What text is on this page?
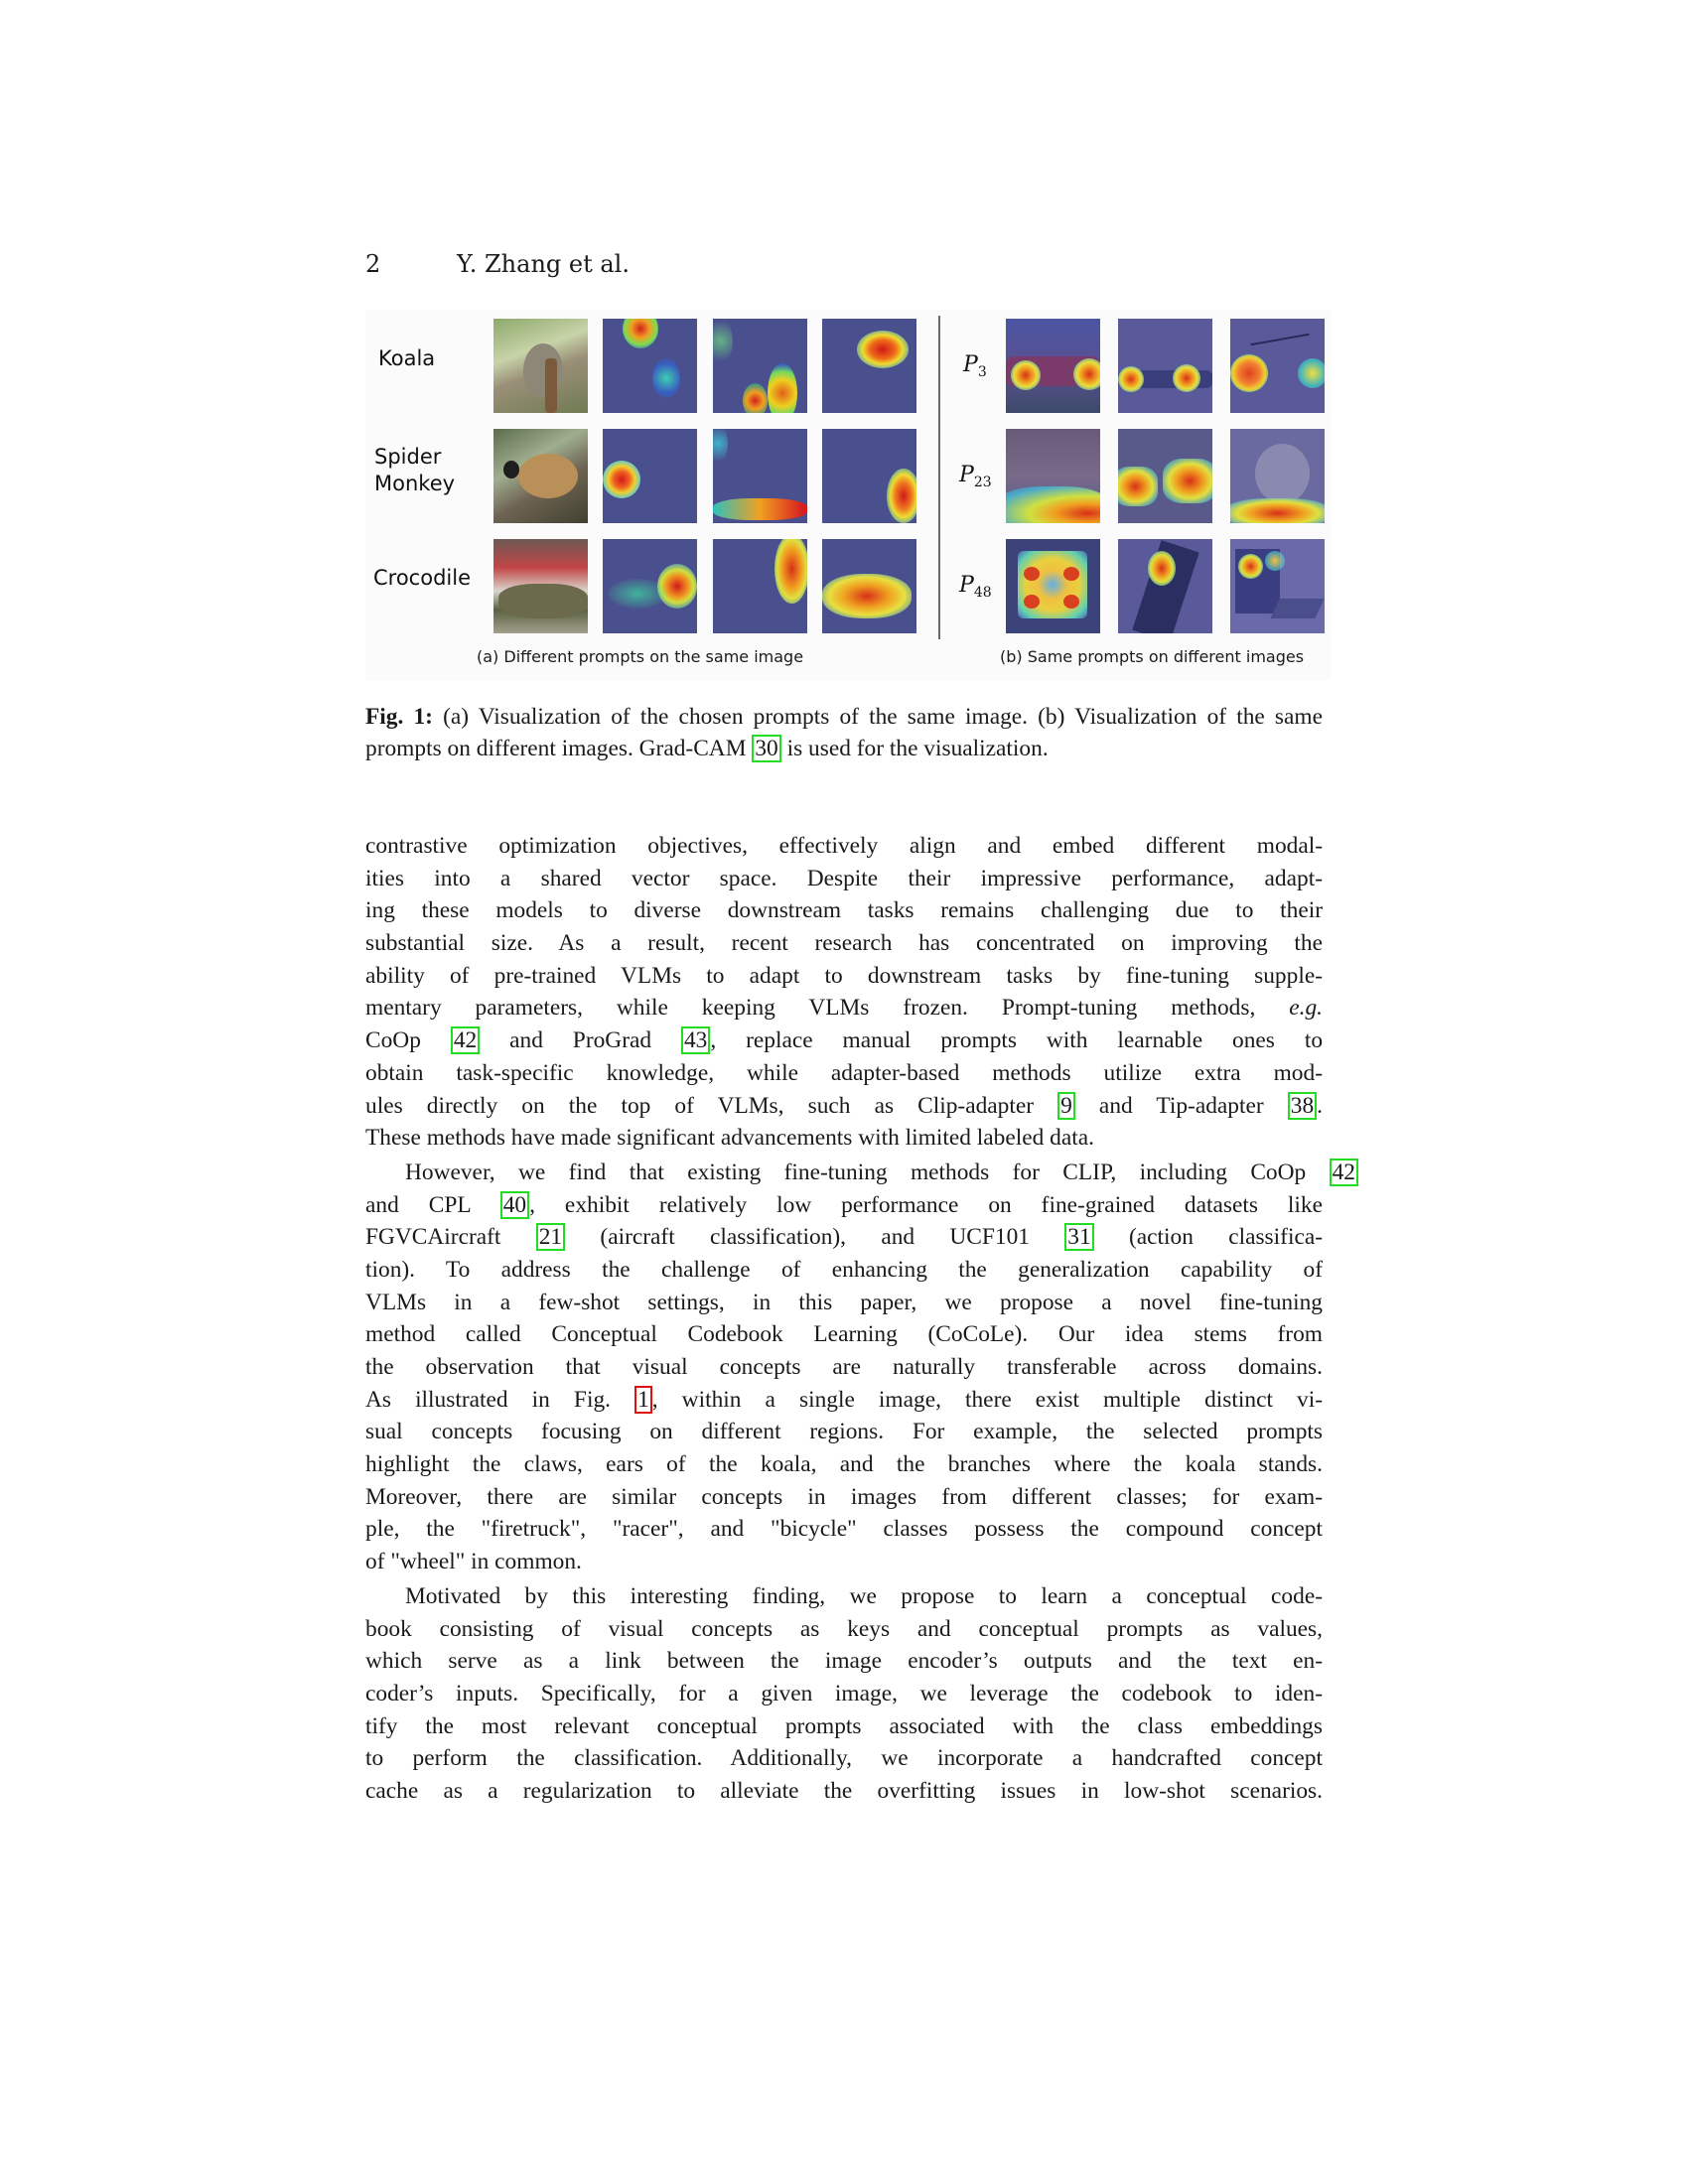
2	Y. Zhang et al.
Koala
Spider
Monkey
Crocodile
$P_3$
$P_{23}$
$P_{48}$
(a) Different prompts on the same image	(b) Same prompts on different images
Fig. 1: (a) Visualization of the chosen prompts of the same image. (b) Visualization of the same prompts on different images. Grad-CAM 30 is used for the visualization.
contrastive optimization objectives, effectively align and embed different modal-
ities into a shared vector space. Despite their impressive performance, adapt-
ing these models to diverse downstream tasks remains challenging due to their
substantial size. As a result, recent research has concentrated on improving the
ability of pre-trained VLMs to adapt to downstream tasks by fine-tuning supple-
mentary parameters, while keeping VLMs frozen. Prompt-tuning methods, e.g.
CoOp 42 and ProGrad 43 , replace manual prompts with learnable ones to
obtain task-specific knowledge, while adapter-based methods utilize extra mod-
ules directly on the top of VLMs, such as Clip-adapter 9 and Tip-adapter 38 .
These methods have made significant advancements with limited labeled data.
However, we find that existing fine-tuning methods for CLIP, including CoOp 42
and CPL 40 , exhibit relatively low performance on fine-grained datasets like
FGVCAircraft 21 (aircraft classification), and UCF101 31 (action classifica-
tion). To address the challenge of enhancing the generalization capability of
VLMs in a few-shot settings, in this paper, we propose a novel fine-tuning
method called Conceptual Codebook Learning (CoCoLe). Our idea stems from
the observation that visual concepts are naturally transferable across domains.
As illustrated in Fig. 1 , within a single image, there exist multiple distinct vi-
sual concepts focusing on different regions. For example, the selected prompts
highlight the claws, ears of the koala, and the branches where the koala stands.
Moreover, there are similar concepts in images from different classes; for exam-
ple, the "firetruck", "racer", and "bicycle" classes possess the compound concept
of "wheel" in common.
Motivated by this interesting finding, we propose to learn a conceptual code-
book consisting of visual concepts as keys and conceptual prompts as values,
which serve as a link between the image encoder’s outputs and the text en-
coder’s inputs. Specifically, for a given image, we leverage the codebook to iden-
tify the most relevant conceptual prompts associated with the class embeddings
to perform the classification. Additionally, we incorporate a handcrafted concept
cache as a regularization to alleviate the overfitting issues in low-shot scenarios.
